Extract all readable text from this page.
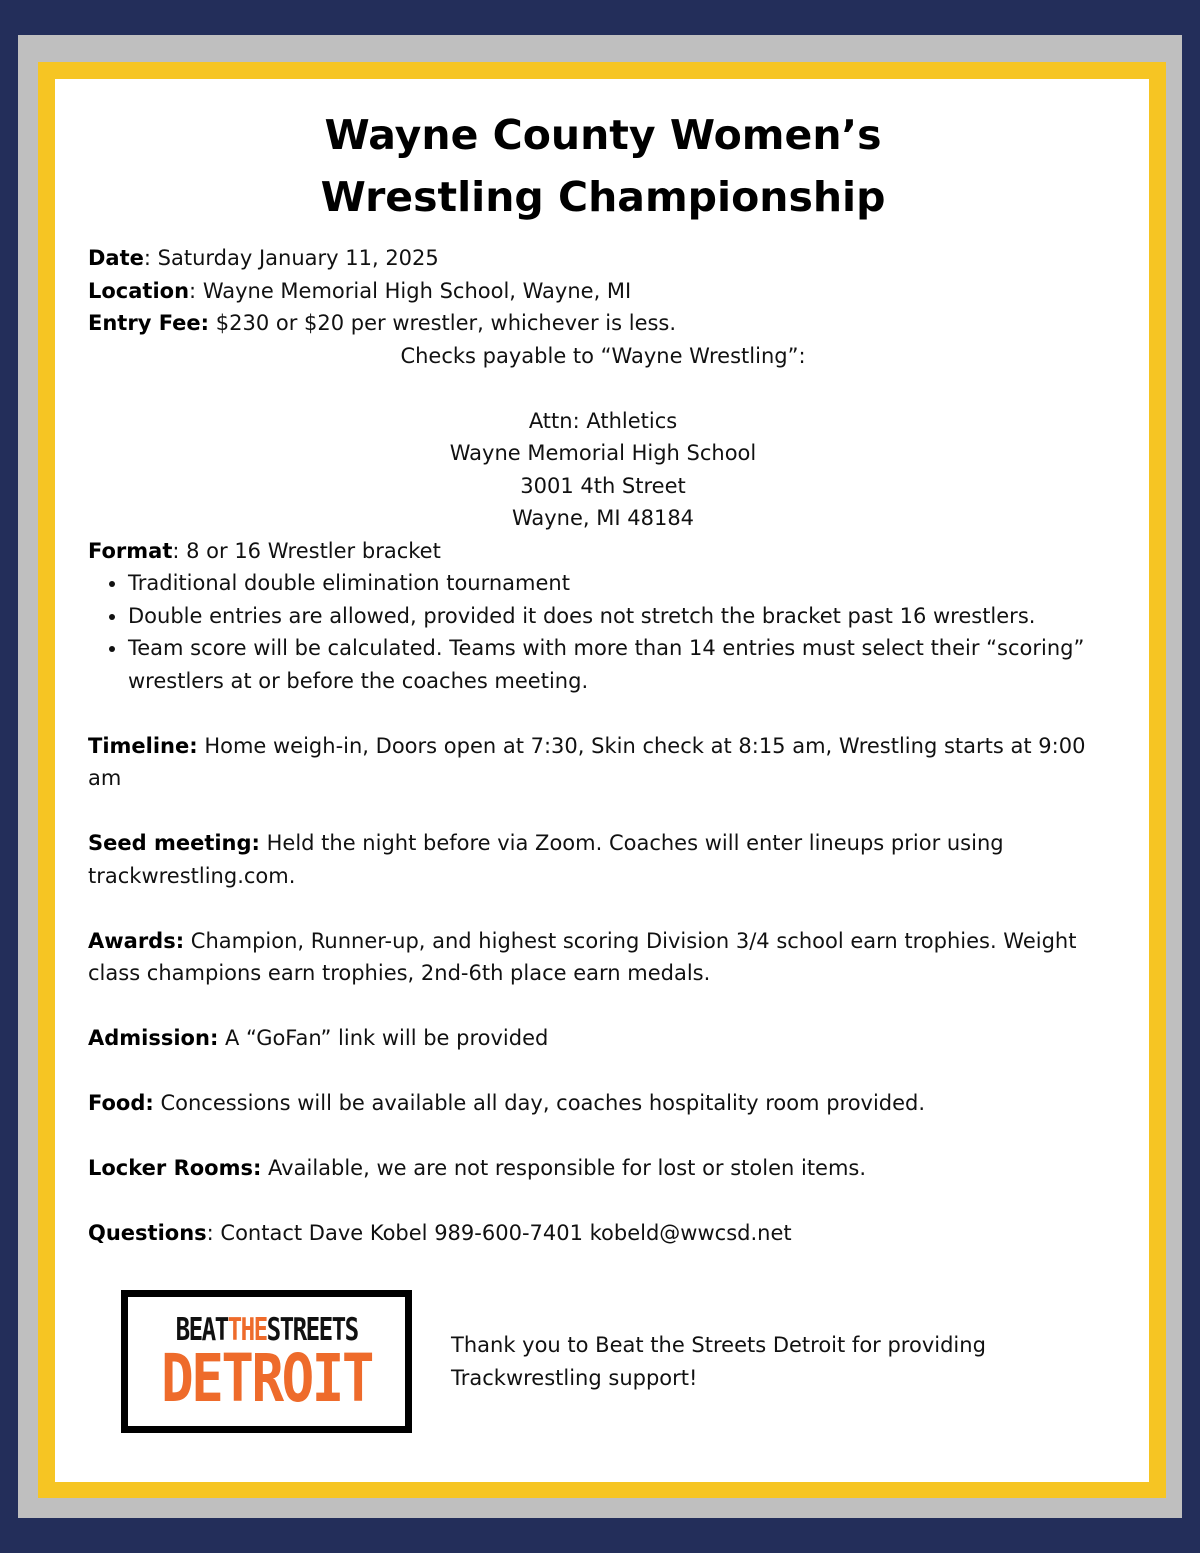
Wayne County Women’s
Wrestling Championship

Date: Saturday January 11, 2025

Location: Wayne Memorial High School, Wayne, MI

Entry Fee: $230 or $20 per wrestler, whichever is less.

Checks payable to “Wayne Wrestling”:

Attn: Athletics

Wayne Memorial High School

3001 4th Street

Wayne, MI 48184

Format: 8 or 16 Wrestler bracket

• Traditional double elimination tournament
• Double entries are allowed, provided it does not stretch the bracket past 16 wrestlers.
• Team score will be calculated. Teams with more than 14 entries must select their “scoring” wrestlers at or before the coaches meeting.

Timeline: Home weigh-in, Doors open at 7:30, Skin check at 8:15 am, Wrestling starts at 9:00 am

Seed meeting: Held the night before via Zoom. Coaches will enter lineups prior using trackwrestling.com.

Awards: Champion, Runner-up, and highest scoring Division 3/4 school earn trophies. Weight class champions earn trophies, 2nd-6th place earn medals.

Admission: A “GoFan” link will be provided

Food: Concessions will be available all day, coaches hospitality room provided.

Locker Rooms: Available, we are not responsible for lost or stolen items.

Questions: Contact Dave Kobel 989-600-7401 kobeld@wwcsd.net

BEATTHESTREETS
DETROIT	Thank you to Beat the Streets Detroit for providing Trackwrestling support!
